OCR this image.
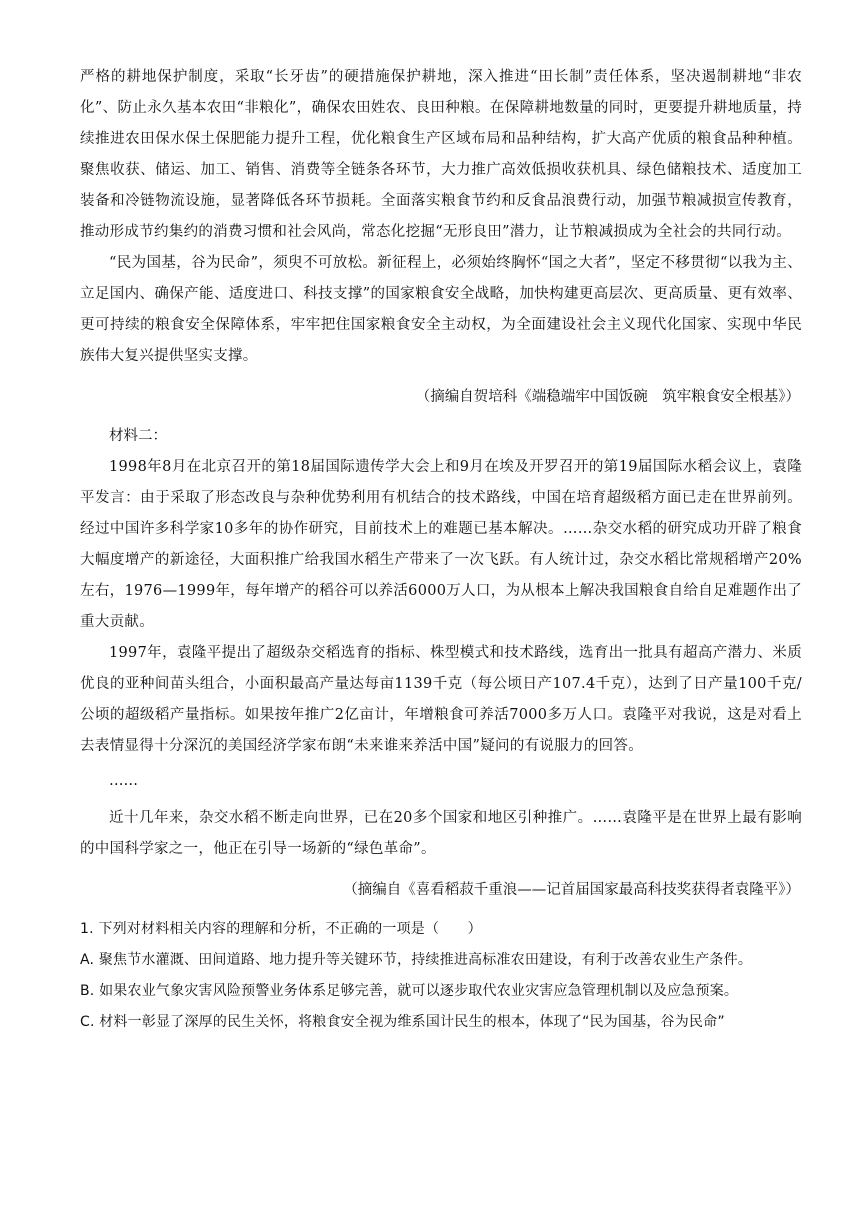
严格的耕地保护制度，采取“长牙齿”的硬措施保护耕地，深入推进“田长制”责任体系，坚决遏制耕地“非农化”、防止永久基本农田“非粮化”，确保农田姓农、良田种粮。在保障耕地数量的同时，更要提升耕地质量，持续推进农田保水保土保肥能力提升工程，优化粮食生产区域布局和品种结构，扩大高产优质的粮食品种种植。聚焦收获、储运、加工、销售、消费等全链条各环节，大力推广高效低损收获机具、绿色储粮技术、适度加工装备和冷链物流设施，显著降低各环节损耗。全面落实粮食节约和反食品浪费行动，加强节粮减损宣传教育，推动形成节约集约的消费习惯和社会风尚，常态化挖掘“无形良田”潜力，让节粮减损成为全社会的共同行动。

“民为国基，谷为民命”，须臾不可放松。新征程上，必须始终胸怀“国之大者”，坚定不移贯彻“以我为主、立足国内、确保产能、适度进口、科技支撑”的国家粮食安全战略，加快构建更高层次、更高质量、更有效率、更可持续的粮食安全保障体系，牢牢把住国家粮食安全主动权，为全面建设社会主义现代化国家、实现中华民族伟大复兴提供坚实支撑。

（摘编自贺培科《端稳端牢中国饭碗　筑牢粮食安全根基》）

材料二：

1998年8月在北京召开的第18届国际遗传学大会上和9月在埃及开罗召开的第19届国际水稻会议上，袁隆平发言：由于采取了形态改良与杂种优势利用有机结合的技术路线，中国在培育超级稻方面已走在世界前列。经过中国许多科学家10多年的协作研究，目前技术上的难题已基本解决。……杂交水稻的研究成功开辟了粮食大幅度增产的新途径，大面积推广给我国水稻生产带来了一次飞跃。有人统计过，杂交水稻比常规稻增产20%左右，1976—1999年，每年增产的稻谷可以养活6000万人口，为从根本上解决我国粮食自给自足难题作出了重大贡献。

1997年，袁隆平提出了超级杂交稻选育的指标、株型模式和技术路线，选育出一批具有超高产潜力、米质优良的亚种间苗头组合，小面积最高产量达每亩1139千克（每公顷日产107.4千克），达到了日产量100千克/公顷的超级稻产量指标。如果按年推广2亿亩计，年增粮食可养活7000多万人口。袁隆平对我说，这是对看上去表情显得十分深沉的美国经济学家布朗“未来谁来养活中国”疑问的有说服力的回答。

……

近十几年来，杂交水稻不断走向世界，已在20多个国家和地区引种推广。……袁隆平是在世界上最有影响的中国科学家之一，他正在引导一场新的“绿色革命”。

（摘编自《喜看稻菽千重浪——记首届国家最高科技奖获得者袁隆平》）

1. 下列对材料相关内容的理解和分析，不正确的一项是（　　）

A. 聚焦节水灌溉、田间道路、地力提升等关键环节，持续推进高标准农田建设，有利于改善农业生产条件。

B. 如果农业气象灾害风险预警业务体系足够完善，就可以逐步取代农业灾害应急管理机制以及应急预案。

C. 材料一彰显了深厚的民生关怀，将粮食安全视为维系国计民生的根本，体现了“民为国基，谷为民命”
